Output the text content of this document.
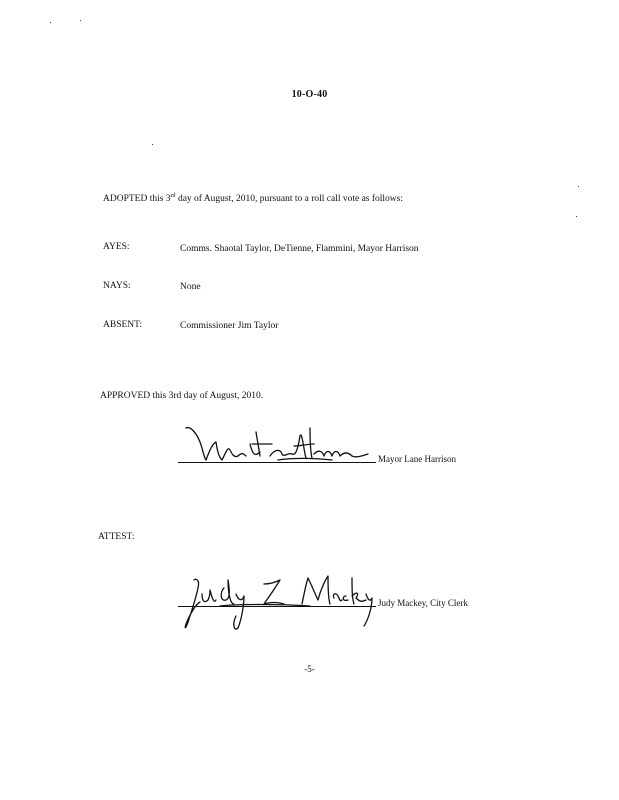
10-O-40
ADOPTED this 3rd day of August, 2010, pursuant to a roll call vote as follows:
AYES:	Comms. Shaotal Taylor, DeTienne, Flammini, Mayor Harrison
NAYS:	None
ABSENT:	Commissioner Jim Taylor
APPROVED this 3rd day of August, 2010.
Mayor Lane Harrison
ATTEST:
Judy Mackey, City Clerk
-5-
